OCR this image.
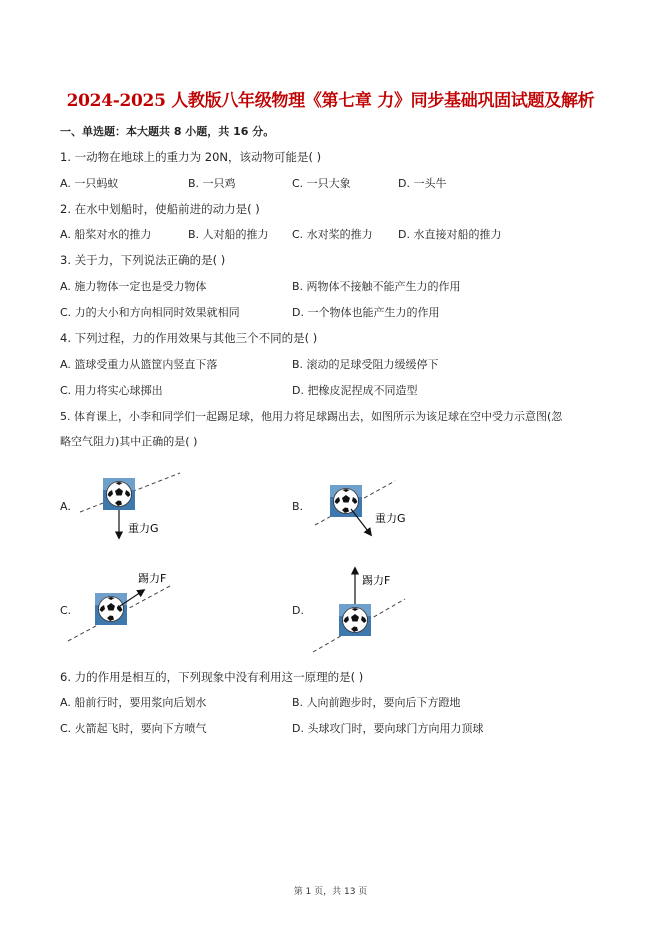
2024-2025 人教版八年级物理《第七章 力》同步基础巩固试题及解析
一、单选题：本大题共 8 小题，共 16 分。
1. 一动物在地球上的重力为 20N，该动物可能是( )
A. 一只蚂蚁	B. 一只鸡	C. 一只大象	D. 一头牛
2. 在水中划船时，使船前进的动力是( )
A. 船桨对水的推力	B. 人对船的推力 C. 水对桨的推力 D. 水直接对船的推力
3. 关于力，下列说法正确的是( )
A. 施力物体一定也是受力物体	B. 两物体不接触不能产生力的作用
C. 力的大小和方向相同时效果就相同	D. 一个物体也能产生力的作用
4. 下列过程，力的作用效果与其他三个不同的是( )
A. 篮球受重力从篮筐内竖直下落	B. 滚动的足球受阻力缓缓停下
C. 用力将实心球掷出	D. 把橡皮泥捏成不同造型
5. 体育课上，小李和同学们一起踢足球，他用力将足球踢出去，如图所示为该足球在空中受力示意图(忽
略空气阻力)其中正确的是( )
A.
重力G
B.
重力G
C.
踢力F
D.
踢力F
6. 力的作用是相互的，下列现象中没有利用这一原理的是( )
A. 船前行时，要用浆向后划水	B. 人向前跑步时，要向后下方蹬地
C. 火箭起飞时，要向下方喷气	D. 头球攻门时，要向球门方向用力顶球
第 1 页，共 13 页
